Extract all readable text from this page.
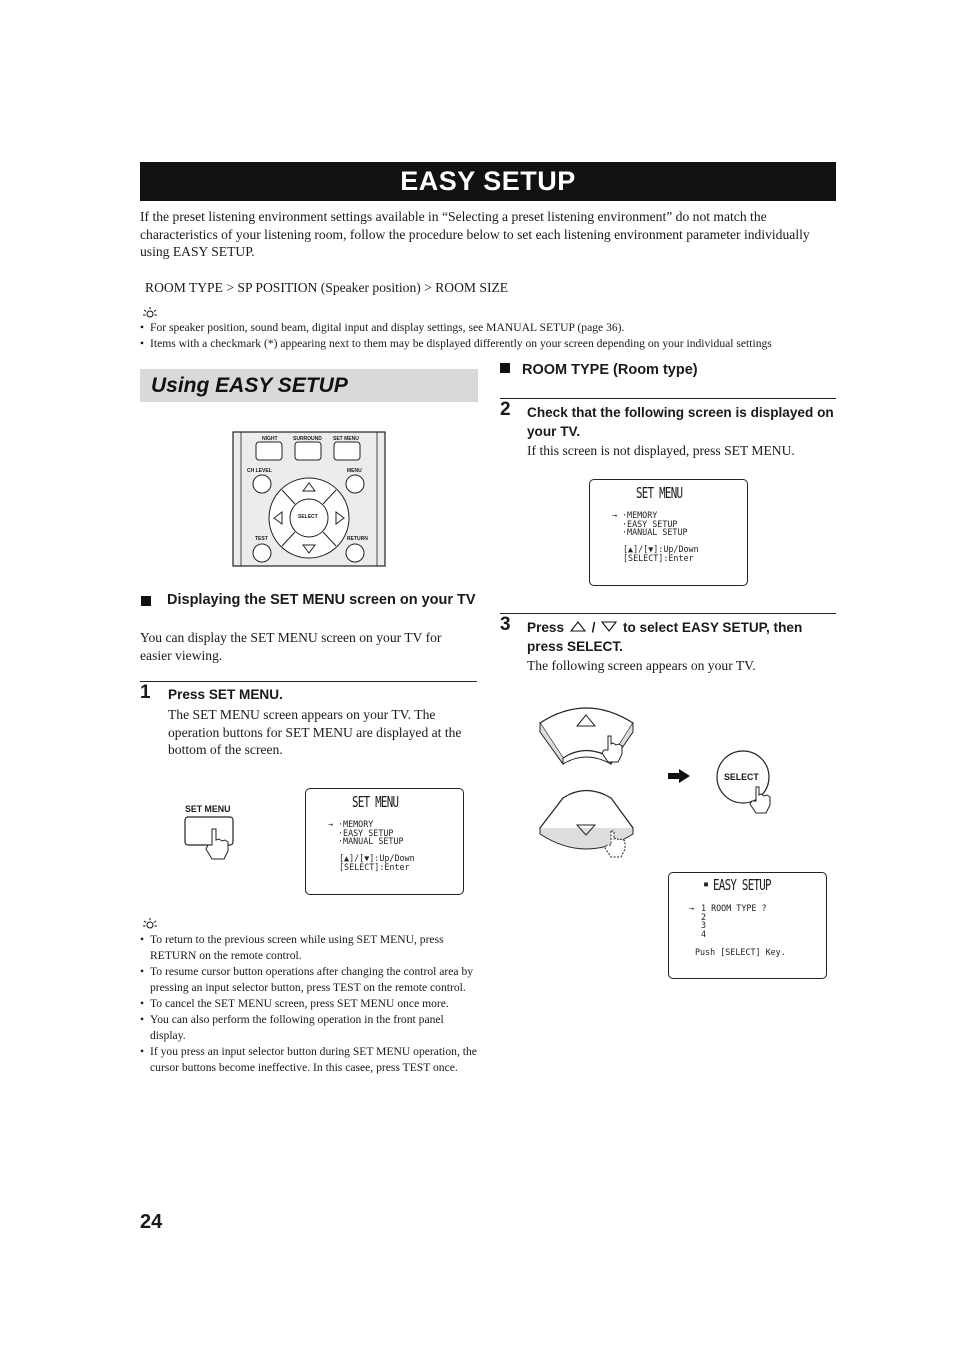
EASY SETUP
If the preset listening environment settings available in “Selecting a preset listening environment” do not match the characteristics of your listening room, follow the procedure below to set each listening environment parameter individually using EASY SETUP.
ROOM TYPE > SP POSITION (Speaker position) > ROOM SIZE
• For speaker position, sound beam, digital input and display settings, see MANUAL SETUP (page 36).
• Items with a checkmark (*) appearing next to them may be displayed differently on your screen depending on your individual settings
Using EASY SETUP
NIGHT	SURROUND SET MENU
CH LEVEL	MENU
SELECT
TEST	RETURN
Displaying the SET MENU screen on your TV
You can display the SET MENU screen on your TV for easier viewing.
1 Press SET MENU.
The SET MENU screen appears on your TV. The operation buttons for SET MENU are displayed at the bottom of the screen.
SET MENU	SET MENU
→ ·MEMORY
·EASY SETUP
·MANUAL SETUP
[▲]/[▼]:Up/Down
[SELECT]:Enter
• To return to the previous screen while using SET MENU, press RETURN on the remote control.
• To resume cursor button operations after changing the control area by pressing an input selector button, press TEST on the remote control.
• To cancel the SET MENU screen, press SET MENU once more.
• You can also perform the following operation in the front panel display.
• If you press an input selector button during SET MENU operation, the cursor buttons become ineffective. In this casee, press TEST once.
ROOM TYPE (Room type)
2 Check that the following screen is displayed on your TV.
If this screen is not displayed, press SET MENU.
SET MENU
→ ·MEMORY
·EASY SETUP
·MANUAL SETUP
[▲]/[▼]:Up/Down
[SELECT]:Enter
3 Press / to select EASY SETUP, then press SELECT.
The following screen appears on your TV.
SELECT
▪ EASY SETUP
→ 1 ROOM TYPE ?
2
3
4
Push [SELECT] Key.
24
